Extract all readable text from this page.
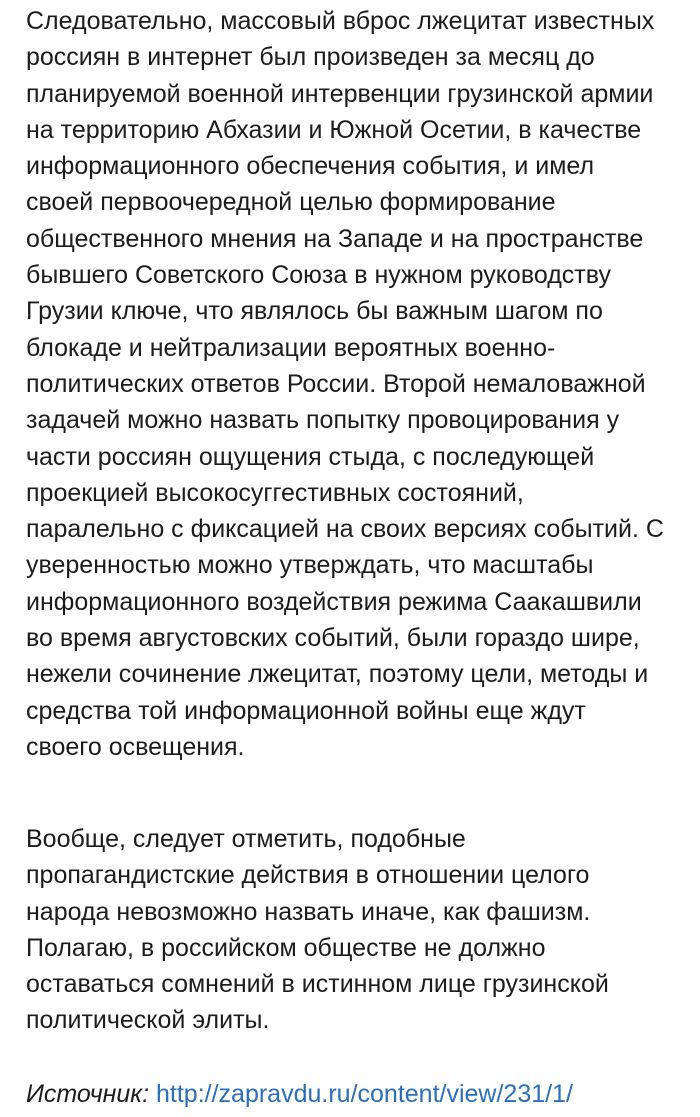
Следовательно, массовый вброс лжецитат известных
россиян в интернет был произведен за месяц до
планируемой военной интервенции грузинской армии
на территорию Абхазии и Южной Осетии, в качестве
информационного обеспечения события, и имел
своей первоочередной целью формирование
общественного мнения на Западе и на пространстве
бывшего Советского Союза в нужном руководству
Грузии ключе, что являлось бы важным шагом по
блокаде и нейтрализации вероятных военно-
политических ответов России. Второй немаловажной
задачей можно назвать попытку провоцирования у
части россиян ощущения стыда, с последующей
проекцией высокосуггестивных состояний,
паралельно с фиксацией на своих версиях событий. С
уверенностью можно утверждать, что масштабы
информационного воздействия режима Саакашвили
во время августовских событий, были гораздо шире,
нежели сочинение лжецитат, поэтому цели, методы и
средства той информационной войны еще ждут
своего освещения.
Вообще, следует отметить, подобные
пропагандистские действия в отношении целого
народа невозможно назвать иначе, как фашизм.
Полагаю, в российском обществе не должно
оставаться сомнений в истинном лице грузинской
политической элиты.
Источник: http://zapravdu.ru/content/view/231/1/
